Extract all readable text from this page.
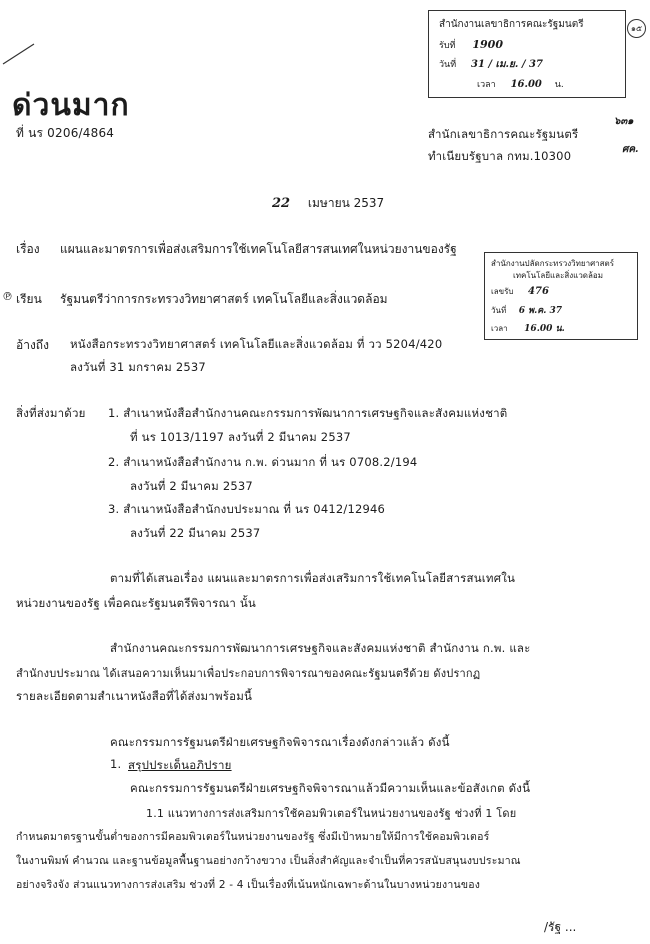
ด่วนมาก
ที่ นร 0206/4864
สำนักงานเลขาธิการคณะรัฐมนตรี
รับที่ 1900
วันที่ 31 / เม.ย. / 37
เวลา 16.00 น.
๑๕
สำนักเลขาธิการคณะรัฐมนตรี
ทำเนียบรัฐบาล กทม.10300
๖๓๑
ศค.
22 เมษายน 2537
เรื่อง แผนและมาตรการเพื่อส่งเสริมการใช้เทคโนโลยีสารสนเทศในหน่วยงานของรัฐ
สำนักงานปลัดกระทรวงวิทยาศาสตร์
เทคโนโลยีและสิ่งแวดล้อม
เลขรับ 476
วันที่ 6 พ.ค. 37
เวลา 16.00 น.
℗ เรียน รัฐมนตรีว่าการกระทรวงวิทยาศาสตร์ เทคโนโลยีและสิ่งแวดล้อม
อ้างถึง หนังสือกระทรวงวิทยาศาสตร์ เทคโนโลยีและสิ่งแวดล้อม ที่ วว 5204/420
ลงวันที่ 31 มกราคม 2537
สิ่งที่ส่งมาด้วย 1. สำเนาหนังสือสำนักงานคณะกรรมการพัฒนาการเศรษฐกิจและสังคมแห่งชาติ
ที่ นร 1013/1197 ลงวันที่ 2 มีนาคม 2537
2. สำเนาหนังสือสำนักงาน ก.พ. ด่วนมาก ที่ นร 0708.2/194
ลงวันที่ 2 มีนาคม 2537
3. สำเนาหนังสือสำนักงบประมาณ ที่ นร 0412/12946
ลงวันที่ 22 มีนาคม 2537
ตามที่ได้เสนอเรื่อง แผนและมาตรการเพื่อส่งเสริมการใช้เทคโนโลยีสารสนเทศใน
หน่วยงานของรัฐ เพื่อคณะรัฐมนตรีพิจารณา นั้น
สำนักงานคณะกรรมการพัฒนาการเศรษฐกิจและสังคมแห่งชาติ สำนักงาน ก.พ. และ
สำนักงบประมาณ ได้เสนอความเห็นมาเพื่อประกอบการพิจารณาของคณะรัฐมนตรีด้วย ดังปรากฏ
รายละเอียดตามสำเนาหนังสือที่ได้ส่งมาพร้อมนี้
คณะกรรมการรัฐมนตรีฝ่ายเศรษฐกิจพิจารณาเรื่องดังกล่าวแล้ว ดังนี้
1. สรุปประเด็นอภิปราย
คณะกรรมการรัฐมนตรีฝ่ายเศรษฐกิจพิจารณาแล้วมีความเห็นและข้อสังเกต ดังนี้
1.1 แนวทางการส่งเสริมการใช้คอมพิวเตอร์ในหน่วยงานของรัฐ ช่วงที่ 1 โดย
กำหนดมาตรฐานขั้นต่ำของการมีคอมพิวเตอร์ในหน่วยงานของรัฐ ซึ่งมีเป้าหมายให้มีการใช้คอมพิวเตอร์
ในงานพิมพ์ คำนวณ และฐานข้อมูลพื้นฐานอย่างกว้างขวาง เป็นสิ่งสำคัญและจำเป็นที่ควรสนับสนุนงบประมาณ
อย่างจริงจัง ส่วนแนวทางการส่งเสริม ช่วงที่ 2 - 4 เป็นเรื่องที่เน้นหนักเฉพาะด้านในบางหน่วยงานของ
/รัฐ ...
